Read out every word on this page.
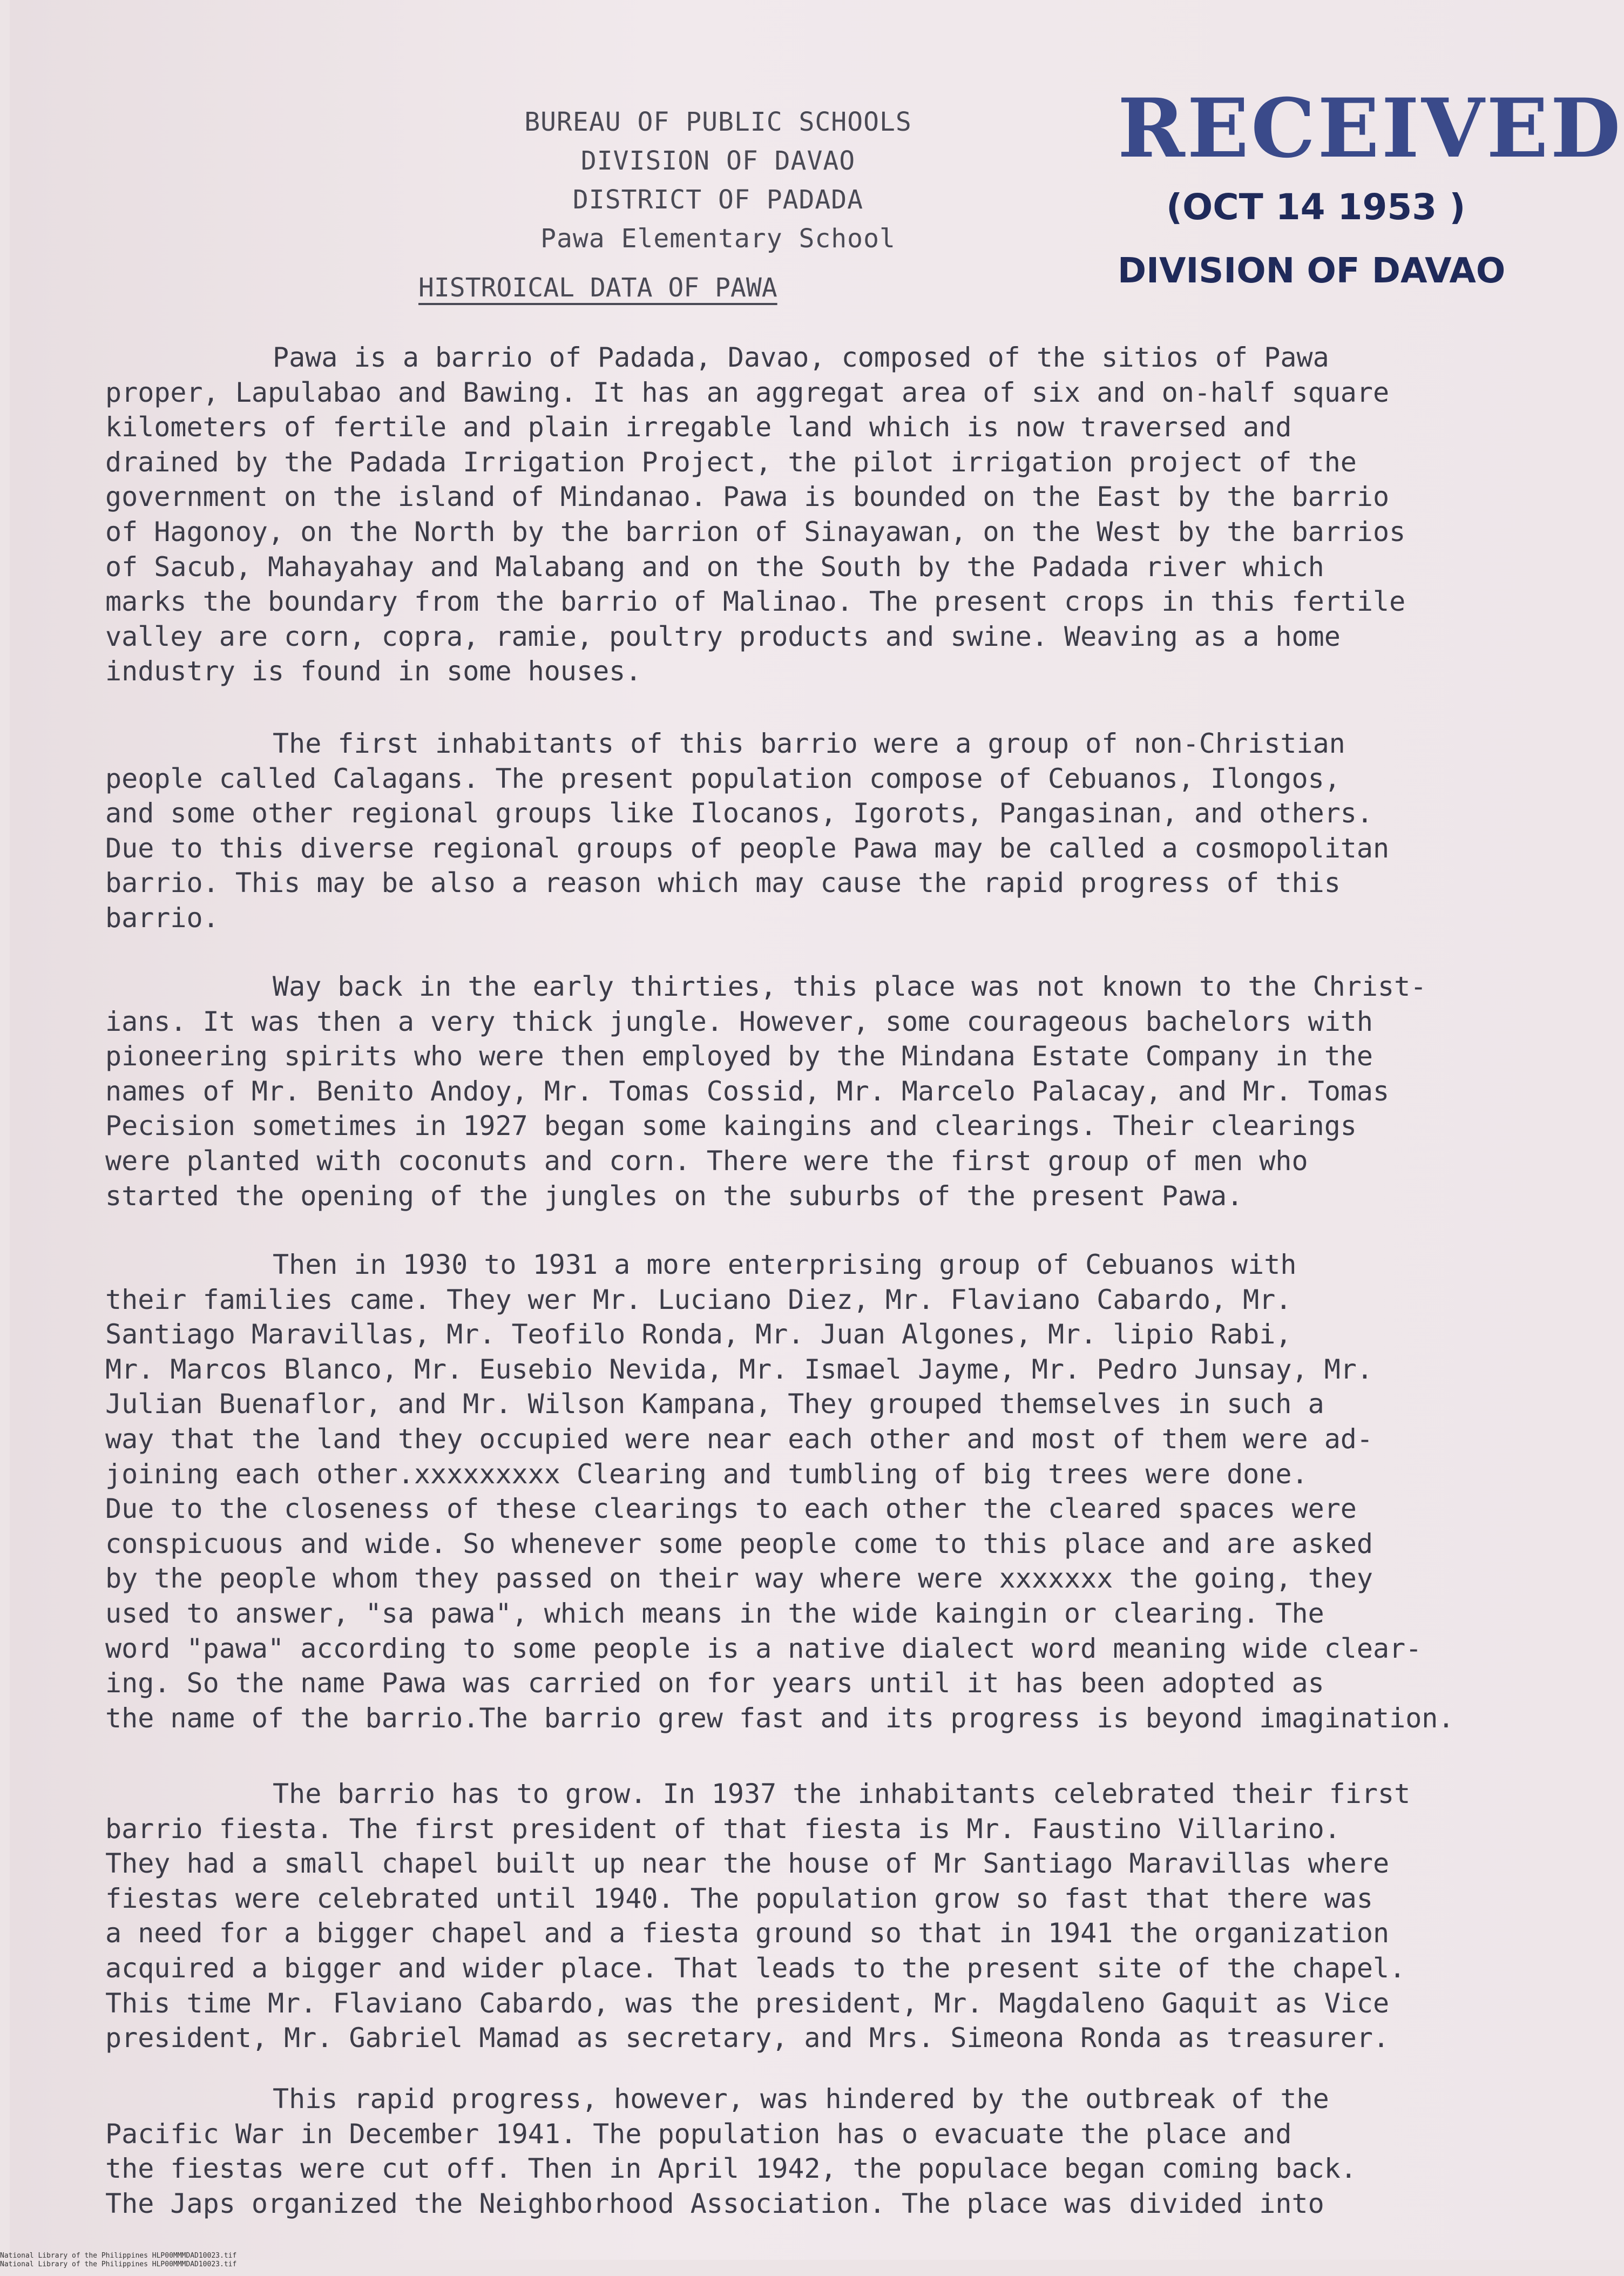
BUREAU OF PUBLIC SCHOOLS
DIVISION OF DAVAO
DISTRICT OF PADADA
Pawa Elementary School
HISTROICAL DATA OF PAWA
RECEIVED
(OCT 14 1953 )
DIVISION OF DAVAO
Pawa is a barrio of Padada, Davao, composed of the sitios of Pawa
proper, Lapulabao and Bawing. It has an aggregat area of six and on-half square
kilometers of fertile and plain irregable land which is now traversed and
drained by the Padada Irrigation Project, the pilot irrigation project of the
government on the island of Mindanao. Pawa is bounded on the East by the barrio
of Hagonoy, on the North by the barrion of Sinayawan, on the West by the barrios
of Sacub, Mahayahay and Malabang and on the South by the Padada river which
marks the boundary from the barrio of Malinao. The present crops in this fertile
valley are corn, copra, ramie, poultry products and swine. Weaving as a home
industry is found in some houses.
The first inhabitants of this barrio were a group of non-Christian
people called Calagans. The present population compose of Cebuanos, Ilongos,
and some other regional groups like Ilocanos, Igorots, Pangasinan, and others.
Due to this diverse regional groups of people Pawa may be called a cosmopolitan
barrio. This may be also a reason which may cause the rapid progress of this
barrio.
Way back in the early thirties, this place was not known to the Christ-
ians. It was then a very thick jungle. However, some courageous bachelors with
pioneering spirits who were then employed by the Mindana Estate Company in the
names of Mr. Benito Andoy, Mr. Tomas Cossid, Mr. Marcelo Palacay, and Mr. Tomas
Pecision sometimes in 1927 began some kaingins and clearings. Their clearings
were planted with coconuts and corn. There were the first group of men who
started the opening of the jungles on the suburbs of the present Pawa.
Then in 1930 to 1931 a more enterprising group of Cebuanos with
their families came. They wer Mr. Luciano Diez, Mr. Flaviano Cabardo, Mr.
Santiago Maravillas, Mr. Teofilo Ronda, Mr. Juan Algones, Mr. lipio Rabi,
Mr. Marcos Blanco, Mr. Eusebio Nevida, Mr. Ismael Jayme, Mr. Pedro Junsay, Mr.
Julian Buenaflor, and Mr. Wilson Kampana, They grouped themselves in such a
way that the land they occupied were near each other and most of them were ad-
joining each other.xxxxxxxxx Clearing and tumbling of big trees were done.
Due to the closeness of these clearings to each other the cleared spaces were
conspicuous and wide. So whenever some people come to this place and are asked
by the people whom they passed on their way where were xxxxxxx the going, they
used to answer, "sa pawa", which means in the wide kaingin or clearing. The
word "pawa" according to some people is a native dialect word meaning wide clear-
ing. So the name Pawa was carried on for years until it has been adopted as
the name of the barrio.The barrio grew fast and its progress is beyond imagination.
The barrio has to grow. In 1937 the inhabitants celebrated their first
barrio fiesta. The first president of that fiesta is Mr. Faustino Villarino.
They had a small chapel built up near the house of Mr Santiago Maravillas where
fiestas were celebrated until 1940. The population grow so fast that there was
a need for a bigger chapel and a fiesta ground so that in 1941 the organization
acquired a bigger and wider place. That leads to the present site of the chapel.
This time Mr. Flaviano Cabardo, was the president, Mr. Magdaleno Gaquit as Vice
president, Mr. Gabriel Mamad as secretary, and Mrs. Simeona Ronda as treasurer.
This rapid progress, however, was hindered by the outbreak of the
Pacific War in December 1941. The population has o evacuate the place and
the fiestas were cut off. Then in April 1942, the populace began coming back.
The Japs organized the Neighborhood Association. The place was divided into
National Library of the Philippines HLP00MMMDAD10023.tif
National Library of the Philippines HLP00MMMDAD10023.tif
